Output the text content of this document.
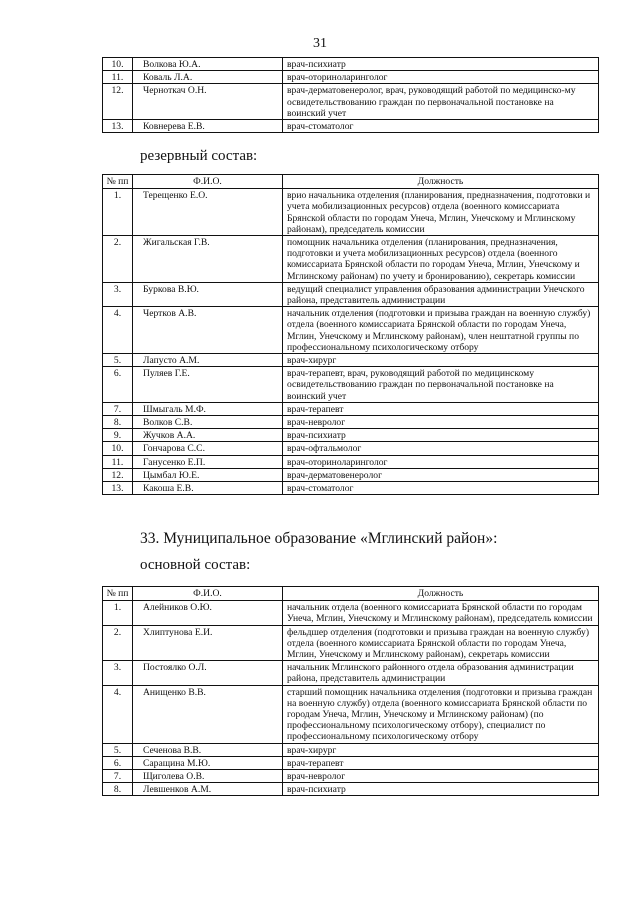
31
10.	Волкова Ю.А.	врач-психиатр
11.	Коваль Л.А.	врач-оториноларинголог
12.	Черноткач О.Н.	врач-дерматовенеролог, врач, руководящий работой по медицинско-му освидетельствованию граждан по первоначальной постановке на воинский учет
13.	Ковнерева Е.В.	врач-стоматолог
резервный состав:
№ пп	Ф.И.О.	Должность
1.	Терещенко Е.О.	врио начальника отделения (планирования, предназначения, подготовки и учета мобилизационных ресурсов) отдела (военного комиссариата Брянской области по городам Унеча, Мглин, Унечскому и Мглинскому районам), председатель комиссии
2.	Жигальская Г.В.	помощник начальника отделения (планирования, предназначения, подготовки и учета мобилизационных ресурсов) отдела (военного комиссариата Брянской области по городам Унеча, Мглин, Унечскому и Мглинскому районам) по учету и бронированию), секретарь комиссии
3.	Буркова В.Ю.	ведущий специалист управления образования администрации Унечского района, представитель администрации
4.	Чертков А.В.	начальник отделения (подготовки и призыва граждан на военную службу) отдела (военного комиссариата Брянской области по городам Унеча, Мглин, Унечскому и Мглинскому районам), член нештатной группы по профессиональному психологическому отбору
5.	Лапусто А.М.	врач-хирург
6.	Пуляев Г.Е.	врач-терапевт, врач, руководящий работой по медицинскому освидетельствованию граждан по первоначальной постановке на воинский учет
7.	Шмыгаль М.Ф.	врач-терапевт
8.	Волков С.В.	врач-невролог
9.	Жучков А.А.	врач-психиатр
10.	Гончарова С.С.	врач-офтальмолог
11.	Ганусенко Е.П.	врач-оториноларинголог
12.	Цымбал Ю.Е.	врач-дерматовенеролог
13.	Какоша Е.В.	врач-стоматолог
33. Муниципальное образование «Мглинский район»:
основной состав:
№ пп	Ф.И.О.	Должность
1.	Алейников О.Ю.	начальник отдела (военного комиссариата Брянской области по городам Унеча, Мглин, Унечскому и Мглинскому районам), председатель комиссии
2.	Хлиптунова Е.И.	фельдшер отделения (подготовки и призыва граждан на военную службу) отдела (военного комиссариата Брянской области по городам Унеча, Мглин, Унечскому и Мглинскому районам), секретарь комиссии
3.	Постоялко О.Л.	начальник Мглинского районного отдела образования администрации района, представитель администрации
4.	Анищенко В.В.	старший помощник начальника отделения (подготовки и призыва граждан на военную службу) отдела (военного комиссариата Брянской области по городам Унеча, Мглин, Унечскому и Мглинскому районам) (по профессиональному психологическому отбору), специалист по профессиональному психологическому отбору
5.	Сеченова В.В.	врач-хирург
6.	Саращина М.Ю.	врач-терапевт
7.	Щиголева О.В.	врач-невролог
8.	Левшенков А.М.	врач-психиатр
